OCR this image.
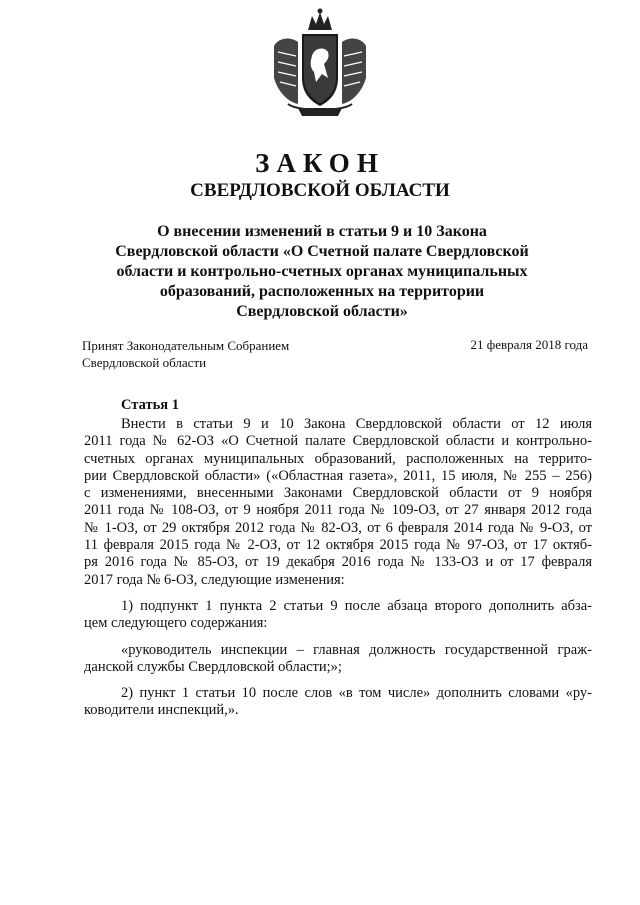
ЗАКОН
СВЕРДЛОВСКОЙ ОБЛАСТИ
О внесении изменений в статьи 9 и 10 Закона
Свердловской области «О Счетной палате Свердловской
области и контрольно-счетных органах муниципальных
образований, расположенных на территории
Свердловской области»
Принят Законодательным Собранием
Свердловской области
21 февраля 2018 года
Статья 1
Внести в статьи 9 и 10 Закона Свердловской области от 12 июля
2011 года № 62-ОЗ «О Счетной палате Свердловской области и контрольно-
счетных органах муниципальных образований, расположенных на террито-
рии Свердловской области» («Областная газета», 2011, 15 июля, № 255 – 256)
с изменениями, внесенными Законами Свердловской области от 9 ноября
2011 года № 108-ОЗ, от 9 ноября 2011 года № 109-ОЗ, от 27 января 2012 года
№ 1-ОЗ, от 29 октября 2012 года № 82-ОЗ, от 6 февраля 2014 года № 9-ОЗ, от
11 февраля 2015 года № 2-ОЗ, от 12 октября 2015 года № 97-ОЗ, от 17 октяб-
ря 2016 года № 85-ОЗ, от 19 декабря 2016 года № 133-ОЗ и от 17 февраля
2017 года № 6-ОЗ, следующие изменения:
1) подпункт 1 пункта 2 статьи 9 после абзаца второго дополнить абза-
цем следующего содержания:
«руководитель инспекции – главная должность государственной граж-
данской службы Свердловской области;»;
2) пункт 1 статьи 10 после слов «в том числе» дополнить словами «ру-
ководители инспекций,».
